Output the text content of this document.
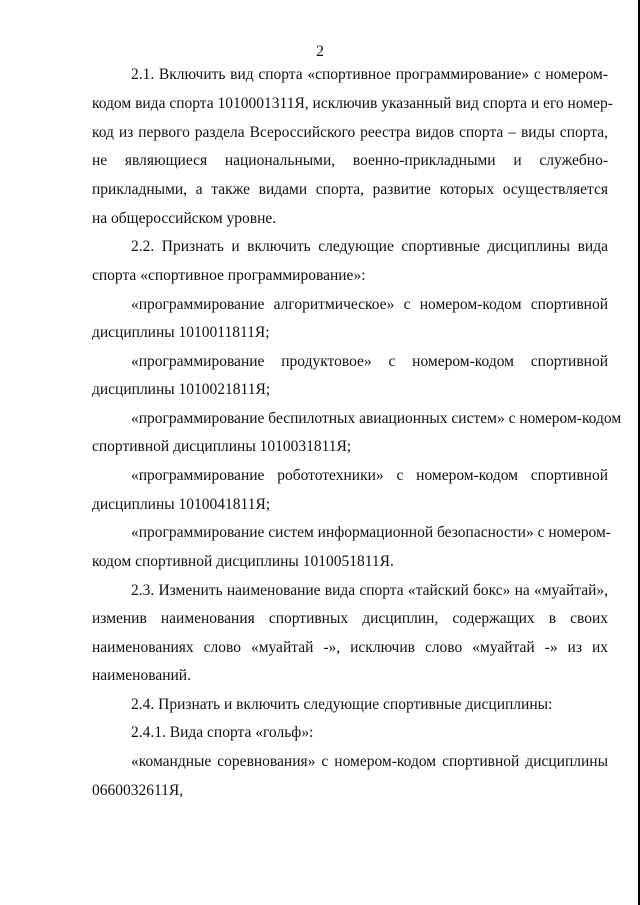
2
2.1. Включить вид спорта «спортивное программирование» с номером-
кодом вида спорта 1010001311Я, исключив указанный вид спорта и его номер-
код из первого раздела Всероссийского реестра видов спорта – виды спорта,
не являющиеся национальными, военно-прикладными и служебно-
прикладными, а также видами спорта, развитие которых осуществляется
на общероссийском уровне.
2.2. Признать и включить следующие спортивные дисциплины вида
спорта «спортивное программирование»:
«программирование алгоритмическое» с номером-кодом спортивной
дисциплины 1010011811Я;
«программирование продуктовое» с номером-кодом спортивной
дисциплины 1010021811Я;
«программирование беспилотных авиационных систем» с номером-кодом
спортивной дисциплины 1010031811Я;
«программирование робототехники» с номером-кодом спортивной
дисциплины 1010041811Я;
«программирование систем информационной безопасности» с номером-
кодом спортивной дисциплины 1010051811Я.
2.3. Изменить наименование вида спорта «тайский бокс» на «муайтай»,
изменив наименования спортивных дисциплин, содержащих в своих
наименованиях слово «муайтай -», исключив слово «муайтай -» из их
наименований.
2.4. Признать и включить следующие спортивные дисциплины:
2.4.1. Вида спорта «гольф»:
«командные соревнования» с номером-кодом спортивной дисциплины
0660032611Я,
